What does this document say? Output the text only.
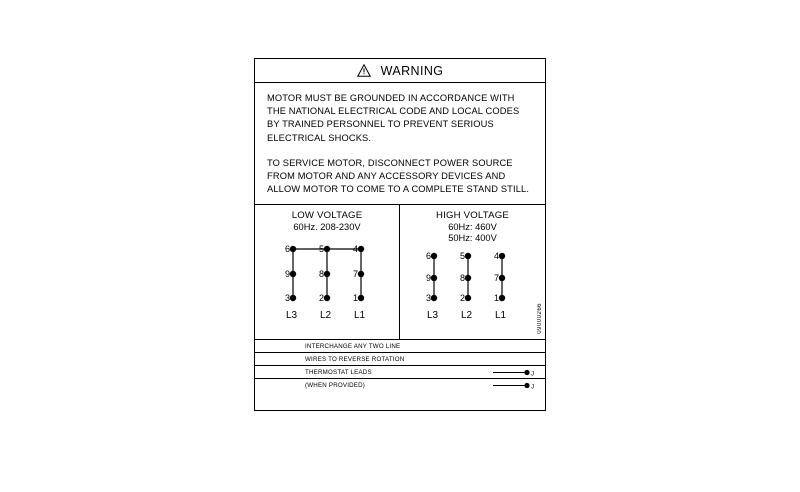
WARNING
MOTOR MUST BE GROUNDED IN ACCORDANCE WITH THE NATIONAL ELECTRICAL CODE AND LOCAL CODES BY TRAINED PERSONNEL TO PREVENT SERIOUS ELECTRICAL SHOCKS.
TO SERVICE MOTOR, DISCONNECT POWER SOURCE FROM MOTOR AND ANY ACCESSORY DEVICES AND ALLOW MOTOR TO COME TO A COMPLETE STAND STILL.
LOW VOLTAGE
60Hz. 208-230V
6	5	4
9	8	7
3	2	1
L3 L2 L1
HIGH VOLTAGE
60Hz: 460V
50Hz: 400V
6	5	4
9	8	7
3	2	1
L3 L2 L1	09000266
INTERCHANGE ANY TWO LINE
WIRES TO REVERSE ROTATION
THERMOSTAT LEADS	J
(WHEN PROVIDED)	J
